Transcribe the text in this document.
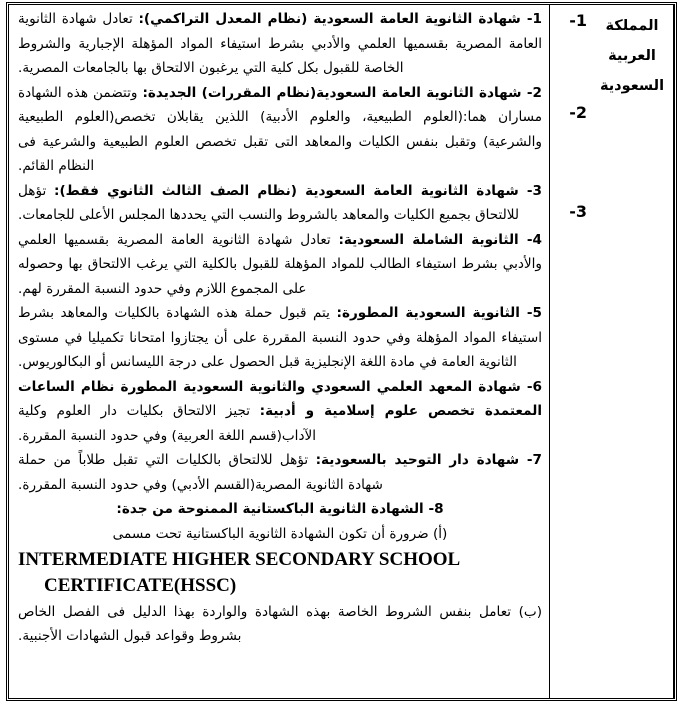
المملكة العربية السعودية
-1
-2
-3

1- شهادة الثانوية العامة السعودية (نظام المعدل التراكمي): تعادل شهادة الثانوية العامة المصرية بقسميها العلمي والأدبي بشرط استيفاء المواد المؤهلة الإجبارية والشروط الخاصة للقبول بكل كلية التي يرغبون الالتحاق بها بالجامعات المصرية.

2- شهادة الثانوية العامة السعودية(نظام المقررات) الجديدة: وتتضمن هذه الشهادة مساران هما:(العلوم الطبيعية، والعلوم الأدبية) اللذين يقابلان تخصص(العلوم الطبيعية والشرعية) وتقبل بنفس الكليات والمعاهد التى تقبل تخصص العلوم الطبيعية والشرعية فى النظام القائم.

3- شهادة الثانوية العامة السعودية (نظام الصف الثالث الثانوي فقط): تؤهل للالتحاق بجميع الكليات والمعاهد بالشروط والنسب التي يحددها المجلس الأعلى للجامعات.

4- الثانوية الشاملة السعودية: تعادل شهادة الثانوية العامة المصرية بقسميها العلمي والأدبي بشرط استيفاء الطالب للمواد المؤهلة للقبول بالكلية التي يرغب الالتحاق بها وحصوله على المجموع اللازم وفي حدود النسبة المقررة لهم.

5- الثانوية السعودية المطورة: يتم قبول حملة هذه الشهادة بالكليات والمعاهد بشرط استيفاء المواد المؤهلة وفي حدود النسبة المقررة على أن يجتازوا امتحانا تكميليا في مستوى الثانوية العامة في مادة اللغة الإنجليزية قبل الحصول على درجة الليسانس أو البكالوريوس.

6- شهادة المعهد العلمي السعودي والثانوية السعودية المطورة نظام الساعات المعتمدة تخصص علوم إسلامية و أدبية: تجيز الالتحاق بكليات دار العلوم وكلية الآداب(قسم اللغة العربية) وفي حدود النسبة المقررة.

7- شهادة دار التوحيد بالسعودية: تؤهل للالتحاق بالكليات التي تقبل طلاباً من حملة شهادة الثانوية المصرية(القسم الأدبي) وفي حدود النسبة المقررة.

8- الشهادة الثانوية الباكستانية الممنوحة من جدة:

(أ) ضرورة أن تكون الشهادة الثانوية الباكستانية تحت مسمى

INTERMEDIATE HIGHER SECONDARY SCHOOL
CERTIFICATE(HSSC)

(ب) تعامل بنفس الشروط الخاصة بهذه الشهادة والواردة بهذا الدليل فى الفصل الخاص بشروط وقواعد قبول الشهادات الأجنبية.
